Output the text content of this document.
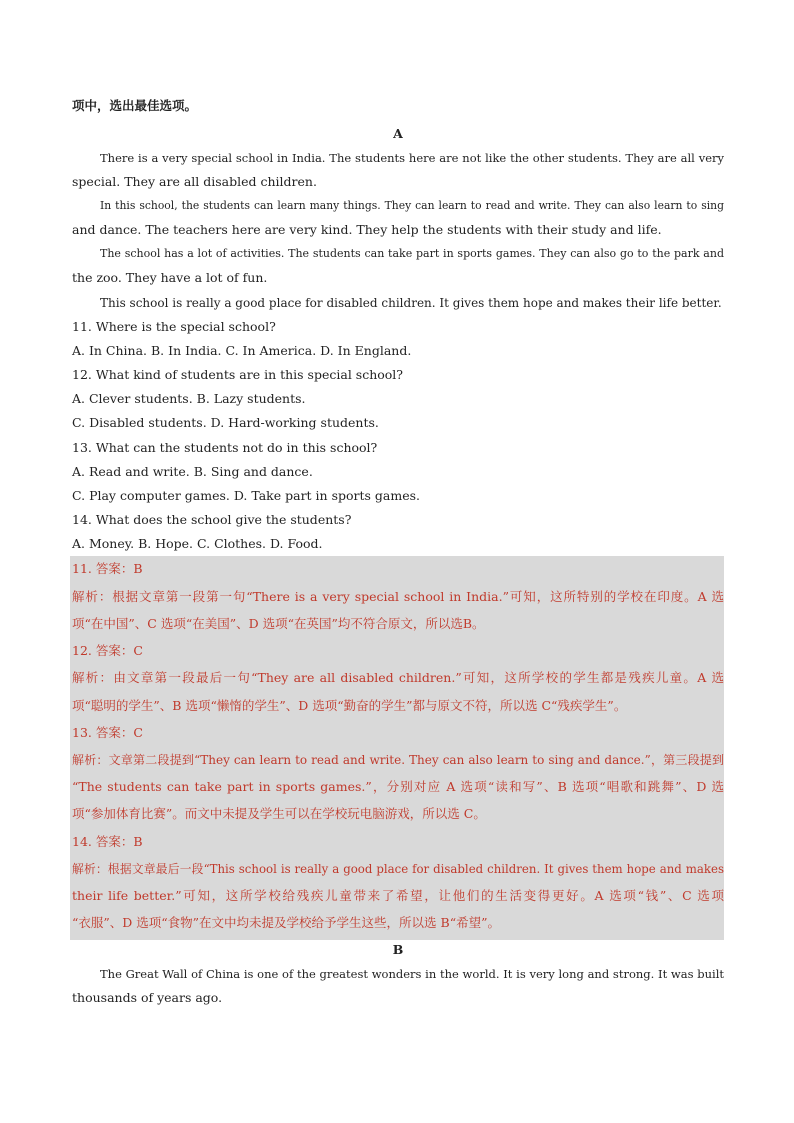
项中，选出最佳选项。
A
There is a very special school in India. The students here are not like the other students. They are all very
special. They are all disabled children.
In this school, the students can learn many things. They can learn to read and write. They can also learn to sing
and dance. The teachers here are very kind. They help the students with their study and life.
The school has a lot of activities. The students can take part in sports games. They can also go to the park and
the zoo. They have a lot of fun.
This school is really a good place for disabled children. It gives them hope and makes their life better.
11. Where is the special school?
A. In China. B. In India. C. In America. D. In England.
12. What kind of students are in this special school?
A. Clever students. B. Lazy students.
C. Disabled students. D. Hard-working students.
13. What can the students not do in this school?
A. Read and write. B. Sing and dance.
C. Play computer games. D. Take part in sports games.
14. What does the school give the students?
A. Money. B. Hope. C. Clothes. D. Food.
11. 答案：B
解析：根据文章第一段第一句“There is a very special school in India.”可知，这所特别的学校在印度。A 选
项“在中国”、C 选项“在美国”、D 选项“在英国”均不符合原文，所以选B。
12. 答案：C
解析：由文章第一段最后一句“They are all disabled children.”可知，这所学校的学生都是残疾儿童。A 选
项“聪明的学生”、B 选项“懒惰的学生”、D 选项“勤奋的学生”都与原文不符，所以选 C“残疾学生”。
13. 答案：C
解析：文章第二段提到“They can learn to read and write. They can also learn to sing and dance.”，第三段提到
“The students can take part in sports games.”，分别对应 A 选项“读和写”、B 选项“唱歌和跳舞”、D 选
项“参加体育比赛”。而文中未提及学生可以在学校玩电脑游戏，所以选 C。
14. 答案：B
解析：根据文章最后一段“This school is really a good place for disabled children. It gives them hope and makes
their life better.”可知，这所学校给残疾儿童带来了希望，让他们的生活变得更好。A 选项“钱”、C 选项
“衣服”、D 选项“食物”在文中均未提及学校给予学生这些，所以选 B“希望”。
B
The Great Wall of China is one of the greatest wonders in the world. It is very long and strong. It was built
thousands of years ago.
